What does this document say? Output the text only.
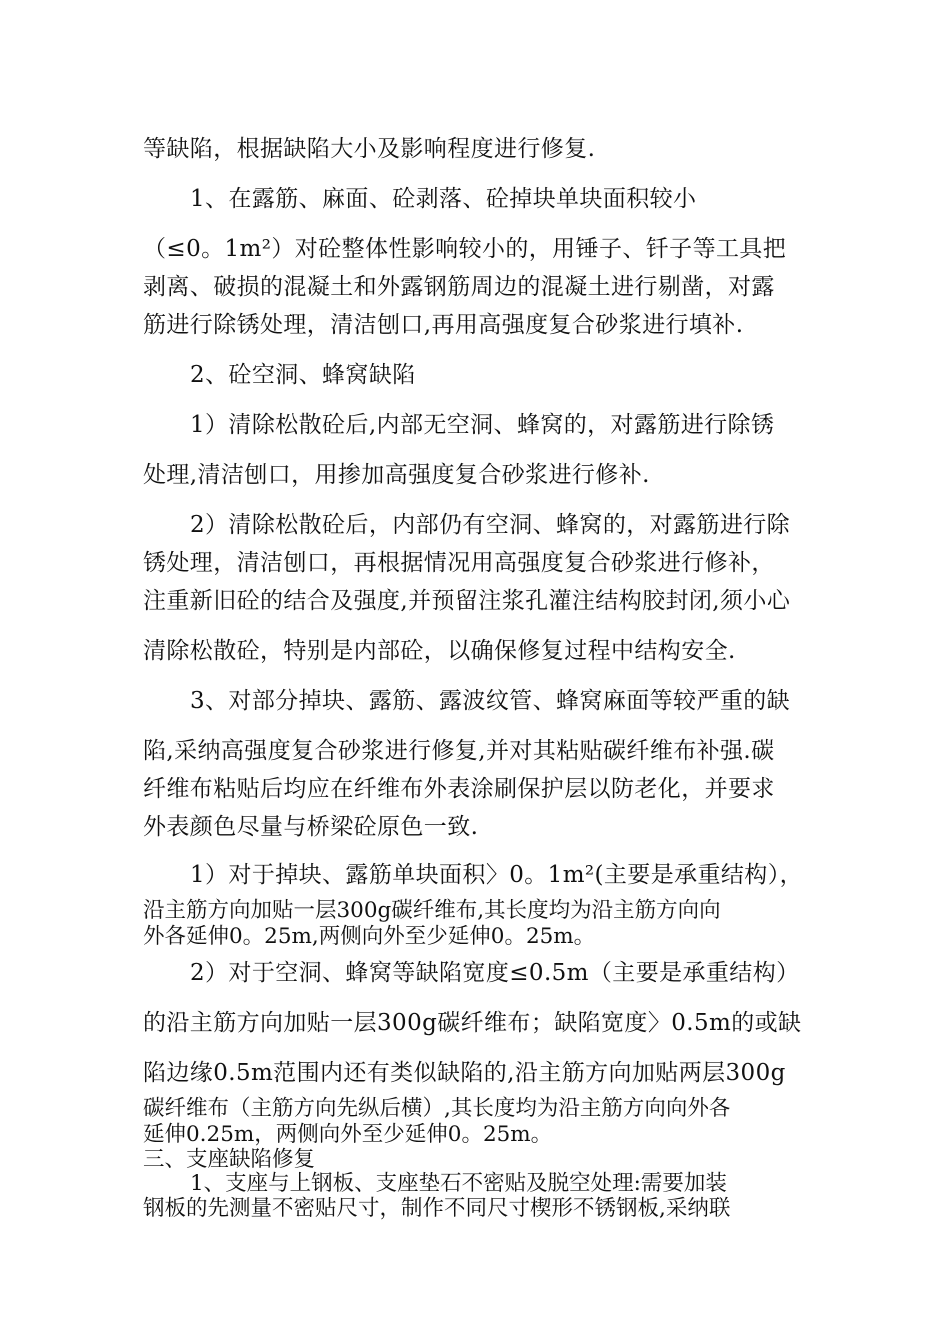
等缺陷，根据缺陷大小及影响程度进行修复.
1、在露筋、麻面、砼剥落、砼掉块单块面积较小
（≤0。1m²）对砼整体性影响较小的，用锤子、钎子等工具把
剥离、破损的混凝土和外露钢筋周边的混凝土进行剔凿，对露
筋进行除锈处理，清洁刨口,再用高强度复合砂浆进行填补.
2、砼空洞、蜂窝缺陷
1）清除松散砼后,内部无空洞、蜂窝的，对露筋进行除锈
处理,清洁刨口，用掺加高强度复合砂浆进行修补.
2）清除松散砼后，内部仍有空洞、蜂窝的，对露筋进行除
锈处理，清洁刨口，再根据情况用高强度复合砂浆进行修补，
注重新旧砼的结合及强度,并预留注浆孔灌注结构胶封闭,须小心
清除松散砼，特别是内部砼，以确保修复过程中结构安全.
3、对部分掉块、露筋、露波纹管、蜂窝麻面等较严重的缺
陷,采纳高强度复合砂浆进行修复,并对其粘贴碳纤维布补强.碳
纤维布粘贴后均应在纤维布外表涂刷保护层以防老化，并要求
外表颜色尽量与桥梁砼原色一致.
1）对于掉块、露筋单块面积〉0。1m²(主要是承重结构），
沿主筋方向加贴一层300g碳纤维布,其长度均为沿主筋方向向
外各延伸0。25m,两侧向外至少延伸0。25m。
2）对于空洞、蜂窝等缺陷宽度≤0.5m（主要是承重结构）
的沿主筋方向加贴一层300g碳纤维布；缺陷宽度〉0.5m的或缺
陷边缘0.5m范围内还有类似缺陷的,沿主筋方向加贴两层300g
碳纤维布（主筋方向先纵后横）,其长度均为沿主筋方向向外各
延伸0.25m，两侧向外至少延伸0。25m。
三、支座缺陷修复
1、支座与上钢板、支座垫石不密贴及脱空处理:需要加装
钢板的先测量不密贴尺寸，制作不同尺寸楔形不锈钢板,采纳联
